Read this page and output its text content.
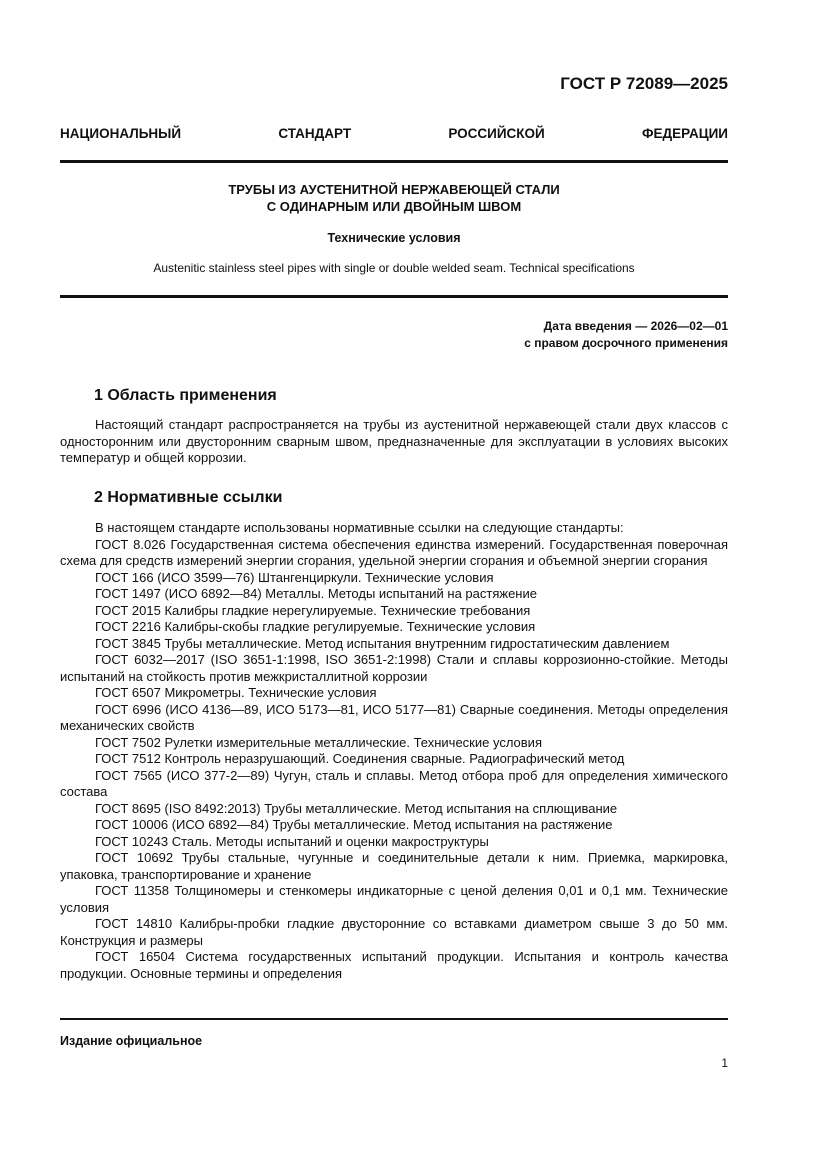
ГОСТ Р 72089—2025
НАЦИОНАЛЬНЫЙ СТАНДАРТ РОССИЙСКОЙ ФЕДЕРАЦИИ
ТРУБЫ ИЗ АУСТЕНИТНОЙ НЕРЖАВЕЮЩЕЙ СТАЛИ
С ОДИНАРНЫМ ИЛИ ДВОЙНЫМ ШВОМ
Технические условия
Austenitic stainless steel pipes with single or double welded seam. Technical specifications
Дата введения — 2026—02—01
с правом досрочного применения
1 Область применения

Настоящий стандарт распространяется на трубы из аустенитной нержавеющей стали двух классов с односторонним или двусторонним сварным швом, предназначенные для эксплуатации в условиях высоких температур и общей коррозии.

2 Нормативные ссылки

В настоящем стандарте использованы нормативные ссылки на следующие стандарты:

ГОСТ 8.026 Государственная система обеспечения единства измерений. Государственная поверочная схема для средств измерений энергии сгорания, удельной энергии сгорания и объемной энергии сгорания

ГОСТ 166 (ИСО 3599—76) Штангенциркули. Технические условия

ГОСТ 1497 (ИСО 6892—84) Металлы. Методы испытаний на растяжение

ГОСТ 2015 Калибры гладкие нерегулируемые. Технические требования

ГОСТ 2216 Калибры-скобы гладкие регулируемые. Технические условия

ГОСТ 3845 Трубы металлические. Метод испытания внутренним гидростатическим давлением

ГОСТ 6032—2017 (ISO 3651-1:1998, ISO 3651-2:1998) Стали и сплавы коррозионно-стойкие. Методы испытаний на стойкость против межкристаллитной коррозии

ГОСТ 6507 Микрометры. Технические условия

ГОСТ 6996 (ИСО 4136—89, ИСО 5173—81, ИСО 5177—81) Сварные соединения. Методы определения механических свойств

ГОСТ 7502 Рулетки измерительные металлические. Технические условия

ГОСТ 7512 Контроль неразрушающий. Соединения сварные. Радиографический метод

ГОСТ 7565 (ИСО 377-2—89) Чугун, сталь и сплавы. Метод отбора проб для определения химического состава

ГОСТ 8695 (ISO 8492:2013) Трубы металлические. Метод испытания на сплющивание

ГОСТ 10006 (ИСО 6892—84) Трубы металлические. Метод испытания на растяжение

ГОСТ 10243 Сталь. Методы испытаний и оценки макроструктуры

ГОСТ 10692 Трубы стальные, чугунные и соединительные детали к ним. Приемка, маркировка, упаковка, транспортирование и хранение

ГОСТ 11358 Толщиномеры и стенкомеры индикаторные с ценой деления 0,01 и 0,1 мм. Технические условия

ГОСТ 14810 Калибры-пробки гладкие двусторонние со вставками диаметром свыше 3 до 50 мм. Конструкция и размеры

ГОСТ 16504 Система государственных испытаний продукции. Испытания и контроль качества продукции. Основные термины и определения

Издание официальное
1
